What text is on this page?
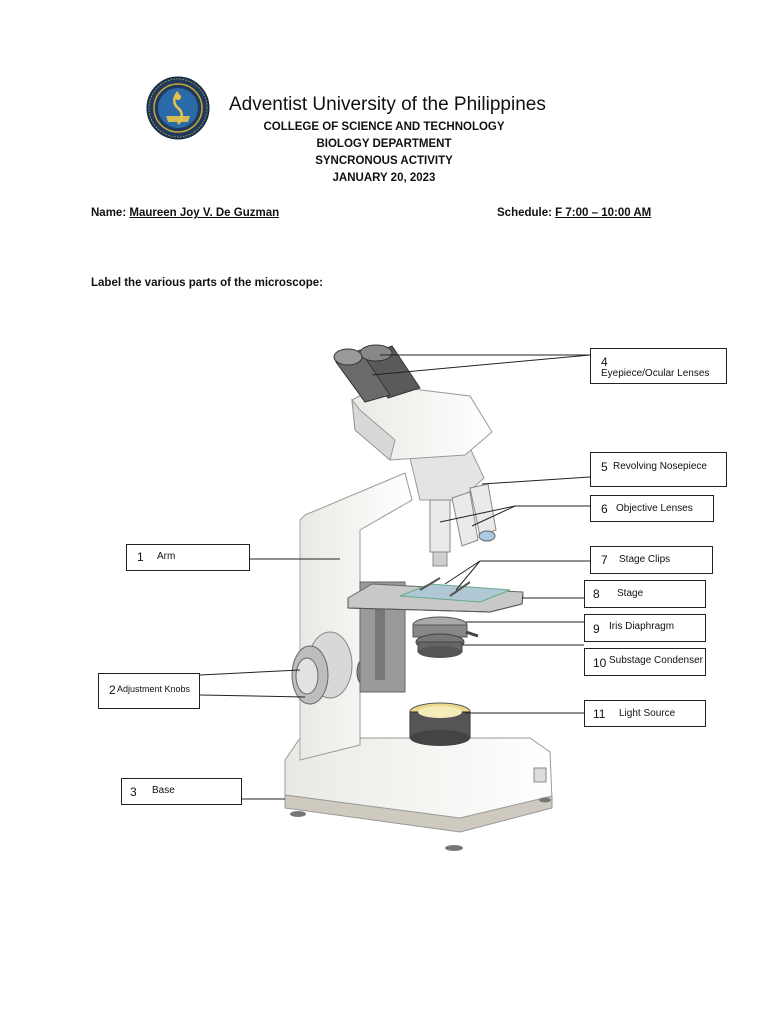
Adventist University of the Philippines
COLLEGE OF SCIENCE AND TECHNOLOGY
BIOLOGY DEPARTMENT
SYNCRONOUS ACTIVITY
JANUARY 20, 2023
Name: Maureen Joy V. De Guzman	Schedule: F 7:00 – 10:00 AM
Label the various parts of the microscope:
1 Arm
2 Adjustment Knobs
3 Base
4
Eyepiece/Ocular Lenses
5 Revolving Nosepiece
6 Objective Lenses
7 Stage Clips
8 Stage
9 Iris Diaphragm
10 Substage Condenser
11 Light Source
